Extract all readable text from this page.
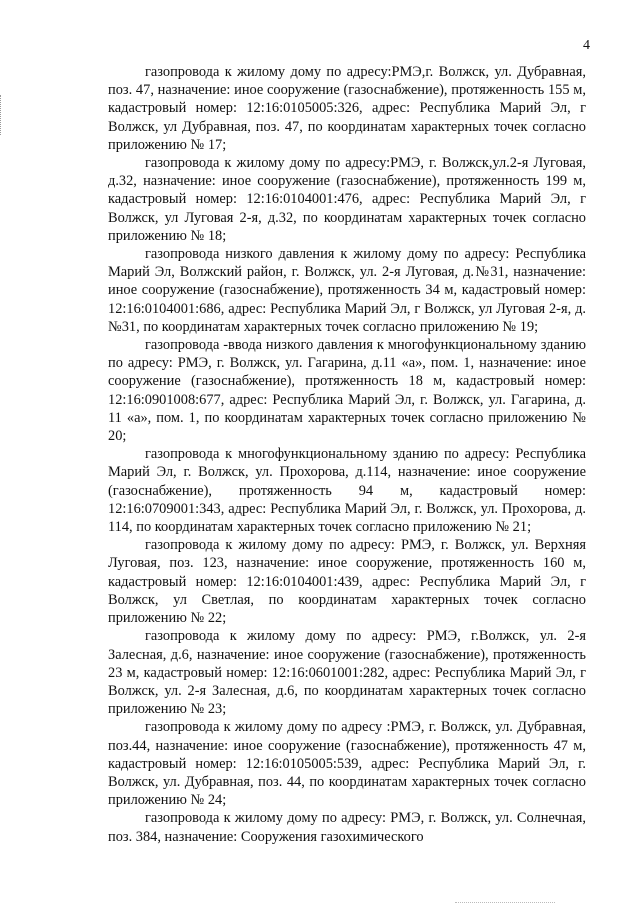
4

газопровода к жилому дому по адресу:РМЭ,г. Волжск, ул. Дубравная, поз. 47, назначение: иное сооружение (газоснабжение), протяженность 155 м, кадастровый номер: 12:16:0105005:326, адрес: Республика Марий Эл, г Волжск, ул Дубравная, поз. 47, по координатам характерных точек согласно приложению № 17;

газопровода к жилому дому по адресу:РМЭ, г. Волжск,ул.2-я Луговая, д.32, назначение: иное сооружение (газоснабжение), протяженность 199 м, кадастровый номер: 12:16:0104001:476, адрес: Республика Марий Эл, г Волжск, ул Луговая 2-я, д.32, по координатам характерных точек согласно приложению № 18;

газопровода низкого давления к жилому дому по адресу: Республика Марий Эл, Волжский район, г. Волжск, ул. 2-я Луговая, д.№31, назначение: иное сооружение (газоснабжение), протяженность 34 м, кадастровый номер: 12:16:0104001:686, адрес: Республика Марий Эл, г Волжск, ул Луговая 2-я, д.№31, по координатам характерных точек согласно приложению № 19;

газопровода -ввода низкого давления к многофункциональному зданию по адресу: РМЭ, г. Волжск, ул. Гагарина, д.11 «а», пом. 1, назначение: иное сооружение (газоснабжение), протяженность 18 м, кадастровый номер: 12:16:0901008:677, адрес: Республика Марий Эл, г. Волжск, ул. Гагарина, д. 11 «а», пом. 1, по координатам характерных точек согласно приложению № 20;

газопровода к многофункциональному зданию по адресу: Республика Марий Эл, г. Волжск, ул. Прохорова, д.114, назначение: иное сооружение (газоснабжение), протяженность 94 м, кадастровый номер: 12:16:0709001:343, адрес: Республика Марий Эл, г. Волжск, ул. Прохорова, д. 114, по координатам характерных точек согласно приложению № 21;

газопровода к жилому дому по адресу: РМЭ, г. Волжск, ул. Верхняя Луговая, поз. 123, назначение: иное сооружение, протяженность 160 м, кадастровый номер: 12:16:0104001:439, адрес: Республика Марий Эл, г Волжск, ул Светлая, по координатам характерных точек согласно приложению № 22;

газопровода к жилому дому по адресу: РМЭ, г.Волжск, ул. 2-я Залесная, д.6, назначение: иное сооружение (газоснабжение), протяженность 23 м, кадастровый номер: 12:16:0601001:282, адрес: Республика Марий Эл, г Волжск, ул. 2-я Залесная, д.6, по координатам характерных точек согласно приложению № 23;

газопровода к жилому дому по адресу :РМЭ, г. Волжск, ул. Дубравная, поз.44, назначение: иное сооружение (газоснабжение), протяженность 47 м, кадастровый номер: 12:16:0105005:539, адрес: Республика Марий Эл, г. Волжск, ул. Дубравная, поз. 44, по координатам характерных точек согласно приложению № 24;

газопровода к жилому дому по адресу: РМЭ, г. Волжск, ул. Солнечная, поз. 384, назначение: Сооружения газохимического
